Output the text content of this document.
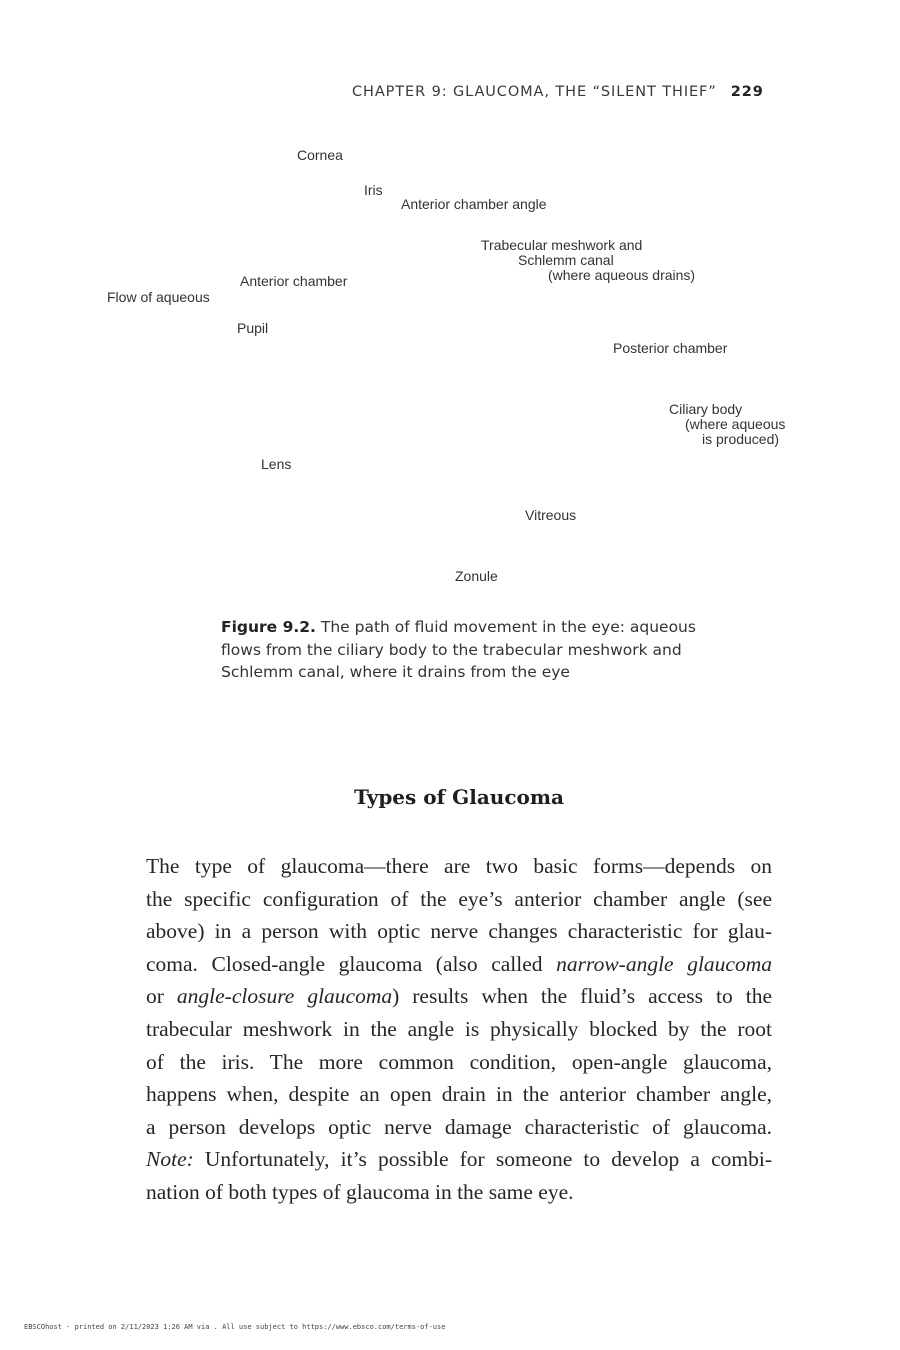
CHAPTER 9: GLAUCOMA, THE “SILENT THIEF” 229
Cornea
Iris
Anterior chamber angle
Trabecular meshwork and
Schlemm canal
(where aqueous drains)
Anterior chamber
Flow of aqueous
Pupil
Posterior chamber
Ciliary body
(where aqueous
is produced)
Lens
Vitreous
Zonule
Figure 9.2. The path of fluid movement in the eye: aqueous flows from the ciliary body to the trabecular meshwork and Schlemm canal, where it drains from the eye
Types of Glaucoma
The type of glaucoma—there are two basic forms—depends on
the specific configuration of the eye’s anterior chamber angle (see
above) in a person with optic nerve changes characteristic for glau-
coma. Closed-angle glaucoma (also called narrow-angle glaucoma
or angle-closure glaucoma) results when the fluid’s access to the
trabecular meshwork in the angle is physically blocked by the root
of the iris. The more common condition, open-angle glaucoma,
happens when, despite an open drain in the anterior chamber angle,
a person develops optic nerve damage characteristic of glaucoma.
Note: Unfortunately, it’s possible for someone to develop a combi-
nation of both types of glaucoma in the same eye.
EBSCOhost - printed on 2/11/2023 1:26 AM via . All use subject to https://www.ebsco.com/terms-of-use
